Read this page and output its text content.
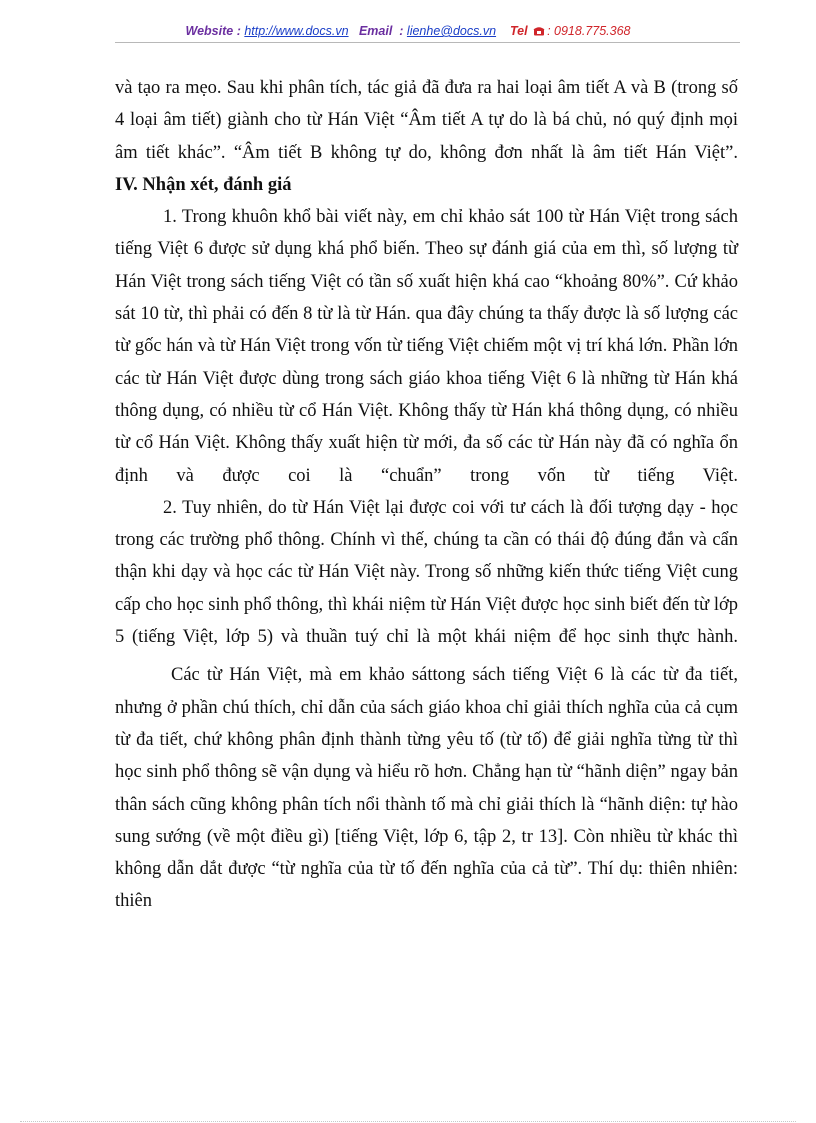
Website : http://www.docs.vn Email  : lienhe@docs.vn Tel : 0918.775.368

và tạo ra mẹo. Sau khi phân tích, tác giả đã đưa ra hai loại âm tiết A và B (trong số 4 loại âm tiết) giành cho từ Hán Việt “Âm tiết A tự do là bá chủ, nó quý định mọi âm tiết khác”. “Âm tiết B không tự do, không đơn nhất là âm tiết Hán Việt”.

IV. Nhận xét, đánh giá

1. Trong khuôn khổ bài viết này, em chỉ khảo sát 100 từ Hán Việt trong sách tiếng Việt 6 được sử dụng khá phổ biến. Theo sự đánh giá của em thì, số lượng từ Hán Việt trong sách tiếng Việt có tần số xuất hiện khá cao “khoảng 80%”. Cứ khảo sát 10 từ, thì phải có đến 8 từ là từ Hán. qua đây chúng ta thấy được là số lượng các từ gốc hán và từ Hán Việt trong vốn từ tiếng Việt chiếm một vị trí khá lớn. Phần lớn các từ Hán Việt được dùng trong sách giáo khoa tiếng Việt 6 là những từ Hán khá thông dụng, có nhiều từ cổ Hán Việt. Không thấy từ Hán khá thông dụng, có nhiều từ cổ Hán Việt. Không thấy xuất hiện từ mới, đa số các từ Hán này đã có nghĩa ổn định và được coi là “chuẩn” trong vốn từ tiếng Việt.

2. Tuy nhiên, do từ Hán Việt lại được coi với tư cách là đối tượng dạy - học trong các trường phổ thông. Chính vì thế, chúng ta cần có thái độ đúng đắn và cẩn thận khi dạy và học các từ Hán Việt này. Trong số những kiến thức tiếng Việt cung cấp cho học sinh phổ thông, thì khái niệm từ Hán Việt được học sinh biết đến từ lớp 5 (tiếng Việt, lớp 5) và thuần tuý chỉ là một khái niệm để học sinh thực hành.

Các từ Hán Việt, mà em khảo sáttong sách tiếng Việt 6 là các từ đa tiết, nhưng ở phần chú thích, chỉ dẫn của sách giáo khoa chỉ giải thích nghĩa của cả cụm từ đa tiết, chứ không phân định thành từng yêu tố (từ tố) để giải nghĩa từng từ thì học sinh phổ thông sẽ vận dụng và hiểu rõ hơn. Chẳng hạn từ “hãnh diện” ngay bản thân sách cũng không phân tích nổi thành tố mà chỉ giải thích là “hãnh diện: tự hào sung sướng (về một điều gì) [tiếng Việt, lớp 6, tập 2, tr 13]. Còn nhiều từ khác thì không dẫn dắt được “từ nghĩa của từ tố đến nghĩa của cả từ”. Thí dụ: thiên nhiên: thiên
